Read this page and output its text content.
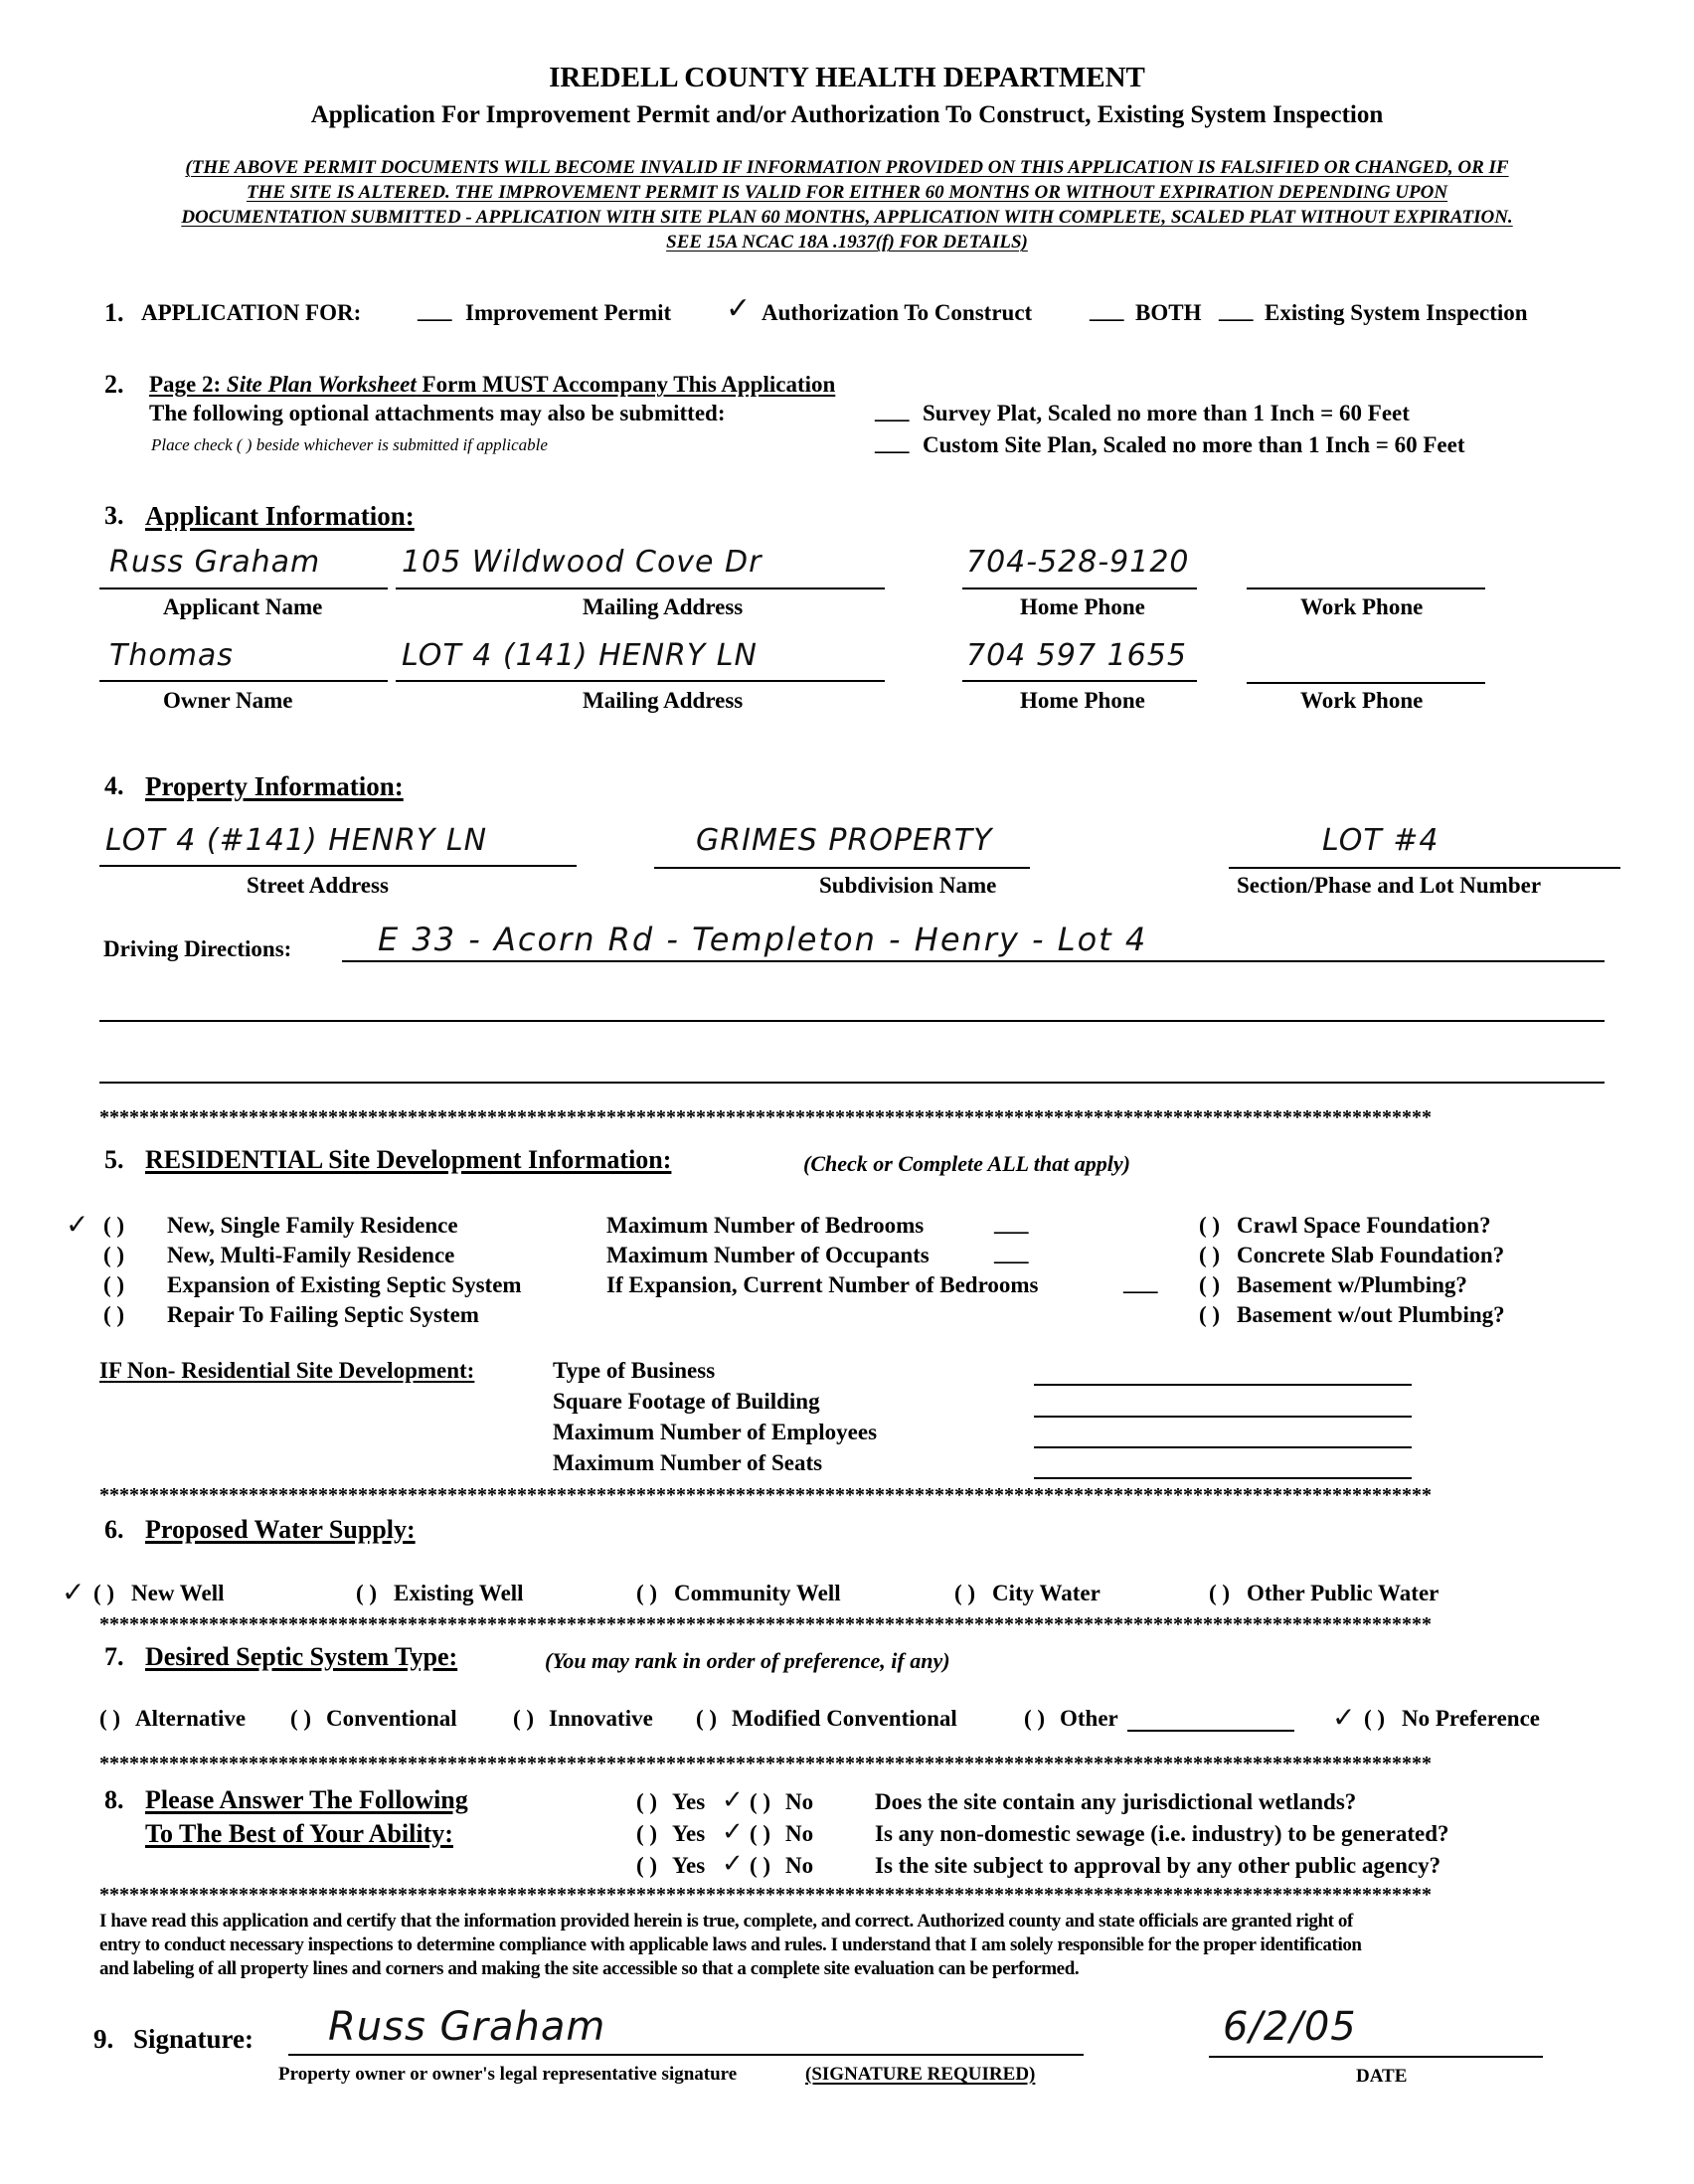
IREDELL COUNTY HEALTH DEPARTMENT
Application For Improvement Permit and/or Authorization To Construct, Existing System Inspection
(THE ABOVE PERMIT DOCUMENTS WILL BECOME INVALID IF INFORMATION PROVIDED ON THIS APPLICATION IS FALSIFIED OR CHANGED, OR IF
THE SITE IS ALTERED. THE IMPROVEMENT PERMIT IS VALID FOR EITHER 60 MONTHS OR WITHOUT EXPIRATION DEPENDING UPON
DOCUMENTATION SUBMITTED - APPLICATION WITH SITE PLAN 60 MONTHS, APPLICATION WITH COMPLETE, SCALED PLAT WITHOUT EXPIRATION.
SEE 15A NCAC 18A .1937(f) FOR DETAILS)
1. APPLICATION FOR: ___ Improvement Permit ✓ Authorization To Construct	___ BOTH ___ Existing System Inspection
2. Page 2: Site Plan Worksheet Form MUST Accompany This Application
The following optional attachments may also be submitted:
Place check ( ) beside whichever is submitted if applicable
___ Survey Plat, Scaled no more than 1 Inch = 60 Feet
___ Custom Site Plan, Scaled no more than 1 Inch = 60 Feet
3. Applicant Information:
Russ Graham	105 Wildwood Cove Dr	704-528-9120
Applicant Name	Mailing Address	Home Phone	Work Phone
Thomas	LOT 4 (141) HENRY LN	704 597 1655
Owner Name	Mailing Address	Home Phone	Work Phone
4. Property Information:
LOT 4 (#141) HENRY LN	GRIMES PROPERTY	LOT #4
Street Address	Subdivision Name	Section/Phase and Lot Number
Driving Directions:	E 33 - Acorn Rd - Templeton - Henry - Lot 4
**************************************************************************************************************************************
5. RESIDENTIAL Site Development Information:	(Check or Complete ALL that apply)
✓ ( ) New, Single Family Residence
( ) New, Multi-Family Residence
( ) Expansion of Existing Septic System
( ) Repair To Failing Septic System
Maximum Number of Bedrooms	___
Maximum Number of Occupants	___
If Expansion, Current Number of Bedrooms	___
( ) Crawl Space Foundation?
( ) Concrete Slab Foundation?
( ) Basement w/Plumbing?
( ) Basement w/out Plumbing?
IF Non- Residential Site Development:	Type of Business
Square Footage of Building
Maximum Number of Employees
Maximum Number of Seats
**************************************************************************************************************************************
6. Proposed Water Supply:
✓ ( ) New Well	( ) Existing Well	( ) Community Well	( ) City Water	( ) Other Public Water
**************************************************************************************************************************************
7. Desired Septic System Type:	(You may rank in order of preference, if any)
( ) Alternative ( ) Conventional ( ) Innovative ( ) Modified Conventional	( ) Other	✓ ( ) No Preference
**************************************************************************************************************************************
8. Please Answer The Following
To The Best of Your Ability:
( ) Yes ✓ ( ) No	Does the site contain any jurisdictional wetlands?
( ) Yes ✓ ( ) No	Is any non-domestic sewage (i.e. industry) to be generated?
( ) Yes ✓ ( ) No	Is the site subject to approval by any other public agency?
**************************************************************************************************************************************
I have read this application and certify that the information provided herein is true, complete, and correct. Authorized county and state officials are granted right of
entry to conduct necessary inspections to determine compliance with applicable laws and rules. I understand that I am solely responsible for the proper identification
and labeling of all property lines and corners and making the site accessible so that a complete site evaluation can be performed.
9. Signature: Russ Graham	6/2/05
Property owner or owner's legal representative signature	(SIGNATURE REQUIRED)	DATE
